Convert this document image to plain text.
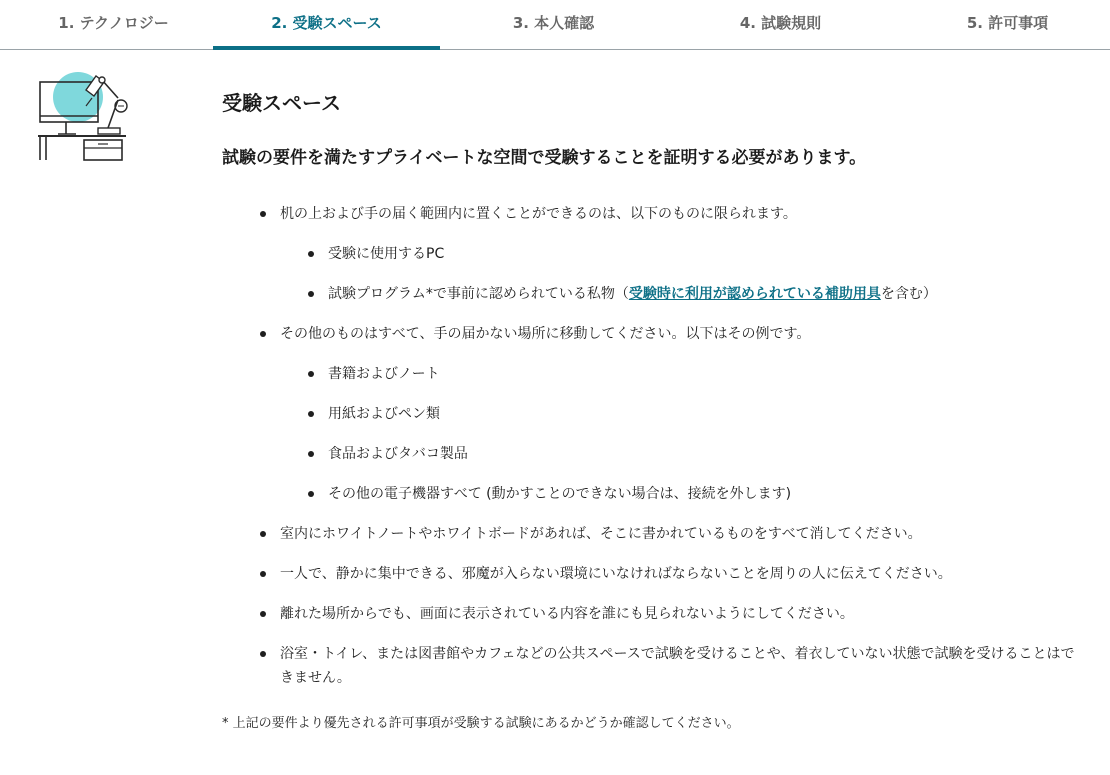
1. テクノロジー	2. 受験スペース	3. 本人確認	4. 試験規則	5. 許可事項
受験スペース

試験の要件を満たすプライベートな空間で受験することを証明する必要があります。

机の上および手の届く範囲内に置くことができるのは、以下のものに限られます。
受験に使用するPC
試験プログラム*で事前に認められている私物（受験時に利用が認められている補助用具を含む）
その他のものはすべて、手の届かない場所に移動してください。以下はその例です。
書籍およびノート
用紙およびペン類
食品およびタバコ製品
その他の電子機器すべて (動かすことのできない場合は、接続を外します)
室内にホワイトノートやホワイトボードがあれば、そこに書かれているものをすべて消してください。
一人で、静かに集中できる、邪魔が入らない環境にいなければならないことを周りの人に伝えてください。
離れた場所からでも、画面に表示されている内容を誰にも見られないようにしてください。
浴室・トイレ、または図書館やカフェなどの公共スペースで試験を受けることや、着衣していない状態で試験を受けることはできません。

* 上記の要件より優先される許可事項が受験する試験にあるかどうか確認してください。
